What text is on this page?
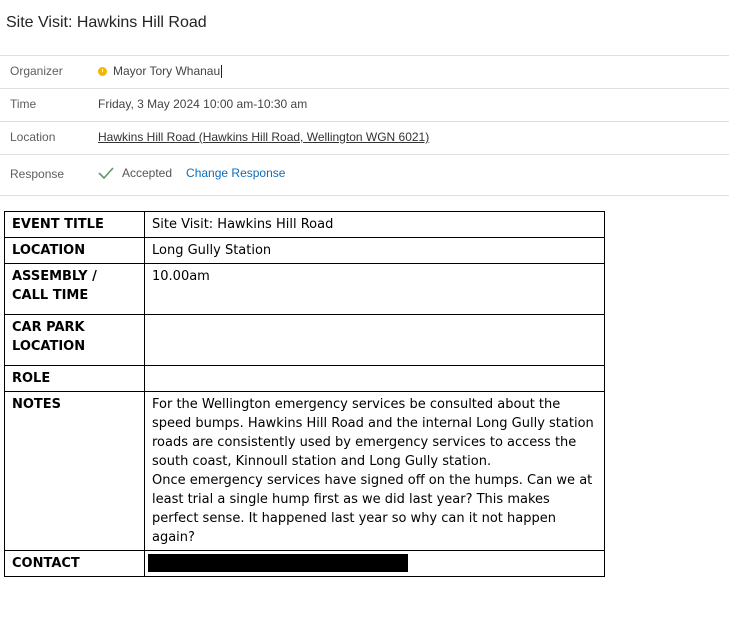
Site Visit: Hawkins Hill Road
Organizer	Mayor Tory Whanau
Time	Friday, 3 May 2024 10:00 am-10:30 am
Location	Hawkins Hill Road (Hawkins Hill Road, Wellington WGN 6021)
Response	Accepted Change Response
EVENT TITLE	Site Visit: Hawkins Hill Road
LOCATION	Long Gully Station
ASSEMBLY / CALL TIME	10.00am
CAR PARK LOCATION	
ROLE	
NOTES	For the Wellington emergency services be consulted about the speed bumps. Hawkins Hill Road and the internal Long Gully station roads are consistently used by emergency services to access the south coast, Kinnoull station and Long Gully station.
Once emergency services have signed off on the humps. Can we at least trial a single hump first as we did last year? This makes perfect sense. It happened last year so why can it not happen again?

CONTACT	
